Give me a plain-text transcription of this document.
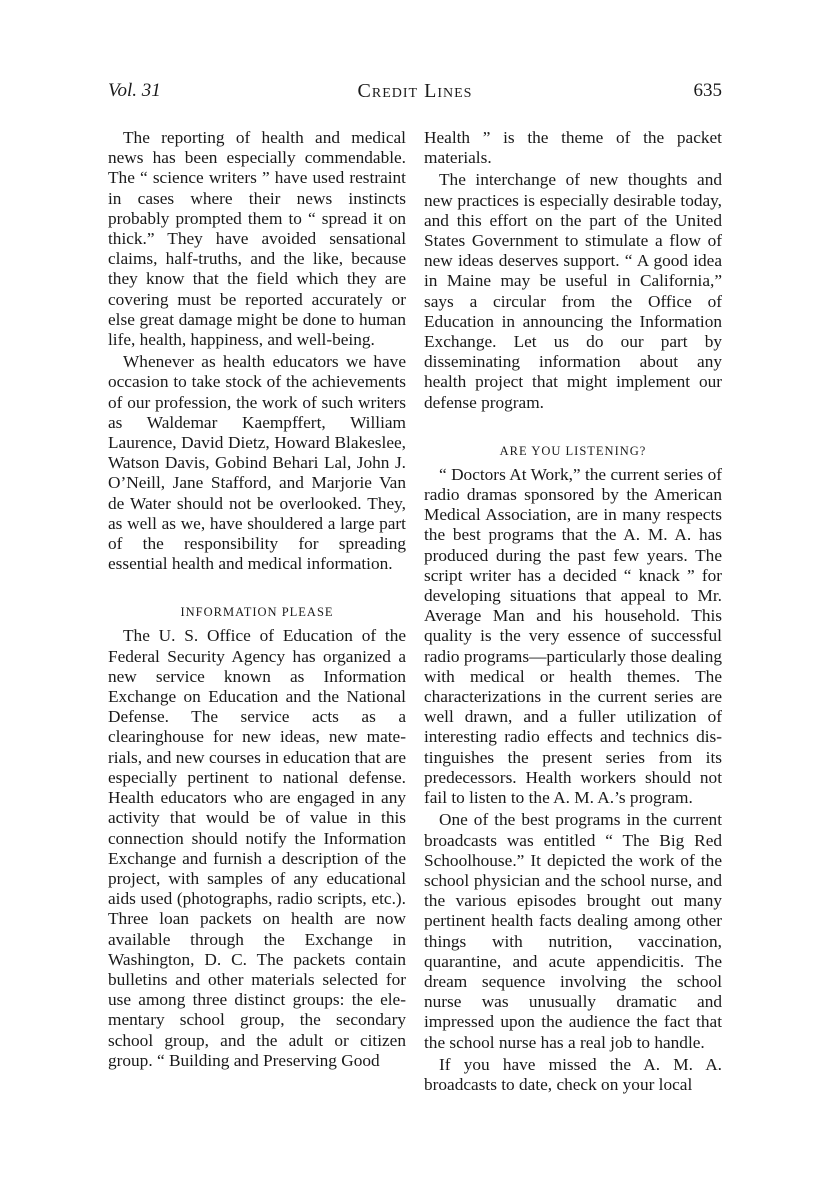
Vol. 31	Credit Lines	635

The reporting of health and medical news has been especially commendable. The “ science writers ” have used restraint in cases where their news instincts probably prompted them to “ spread it on thick.” They have avoided sensational claims, half-truths, and the like, because they know that the field which they are covering must be reported accurately or else great damage might be done to human life, health, happiness, and well-being.

Whenever as health educators we have occasion to take stock of the achievements of our profession, the work of such writers as Waldemar Kaempffert, William Laurence, David Dietz, Howard Blakeslee, Watson Davis, Gobind Behari Lal, John J. O’Neill, Jane Stafford, and Marjorie Van de Water should not be overlooked. They, as well as we, have shouldered a large part of the responsibility for spreading essential health and medical information.

INFORMATION PLEASE

The U. S. Office of Education of the Federal Security Agency has organized a new service known as Information Exchange on Education and the National Defense. The service acts as a clearinghouse for new ideas, new materials, and new courses in education that are especially pertinent to national defense. Health educators who are engaged in any activity that would be of value in this connection should notify the Information Exchange and furnish a description of the project, with samples of any educational aids used (photographs, radio scripts, etc.). Three loan packets on health are now available through the Exchange in Washington, D. C. The packets contain bulletins and other materials selected for use among three distinct groups: the elementary school group, the secondary school group, and the adult or citizen group. “ Building and Preserving Good

Health ” is the theme of the packet materials.

The interchange of new thoughts and new practices is especially desirable today, and this effort on the part of the United States Government to stimulate a flow of new ideas deserves support. “ A good idea in Maine may be useful in California,” says a circular from the Office of Education in announcing the Information Exchange. Let us do our part by disseminating information about any health project that might implement our defense program.

ARE YOU LISTENING?

“ Doctors At Work,” the current series of radio dramas sponsored by the American Medical Association, are in many respects the best programs that the A. M. A. has produced during the past few years. The script writer has a decided “ knack ” for developing situations that appeal to Mr. Average Man and his household. This quality is the very essence of successful radio programs—particularly those dealing with medical or health themes. The characterizations in the current series are well drawn, and a fuller utilization of interesting radio effects and technics distinguishes the present series from its predecessors. Health workers should not fail to listen to the A. M. A.’s program.

One of the best programs in the current broadcasts was entitled “ The Big Red Schoolhouse.” It depicted the work of the school physician and the school nurse, and the various episodes brought out many pertinent health facts dealing among other things with nutrition, vaccination, quarantine, and acute appendicitis. The dream sequence involving the school nurse was unusually dramatic and impressed upon the audience the fact that the school nurse has a real job to handle.

If you have missed the A. M. A. broadcasts to date, check on your local
